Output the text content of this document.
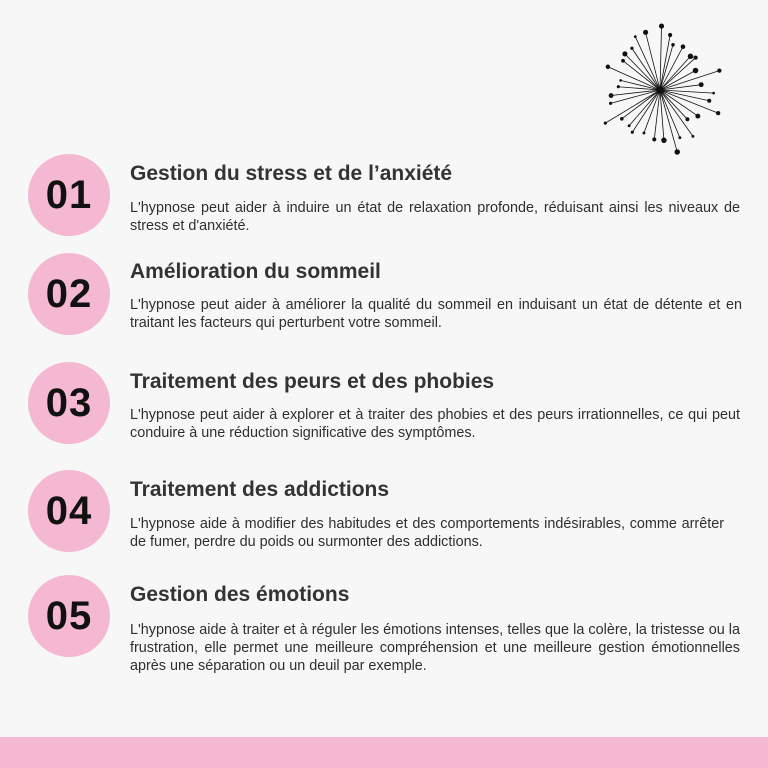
01	Gestion du stress et de l’anxiété
L'hypnose peut aider à induire un état de relaxation profonde, réduisant ainsi les niveaux de stress et d'anxiété.
02	Amélioration du sommeil
L'hypnose peut aider à améliorer la qualité du sommeil en induisant un état de détente et en traitant les facteurs qui perturbent votre sommeil.
03	Traitement des peurs et des phobies
L'hypnose peut aider à explorer et à traiter des phobies et des peurs irrationnelles, ce qui peut conduire à une réduction significative des symptômes.
04	Traitement des addictions
L'hypnose aide à modifier des habitudes et des comportements indésirables, comme arrêter de fumer, perdre du poids ou surmonter des addictions.
05	Gestion des émotions
L'hypnose aide à traiter et à réguler les émotions intenses, telles que la colère, la tristesse ou la frustration, elle permet une meilleure compréhension et une meilleure gestion émotionnelles après une séparation ou un deuil par exemple.
